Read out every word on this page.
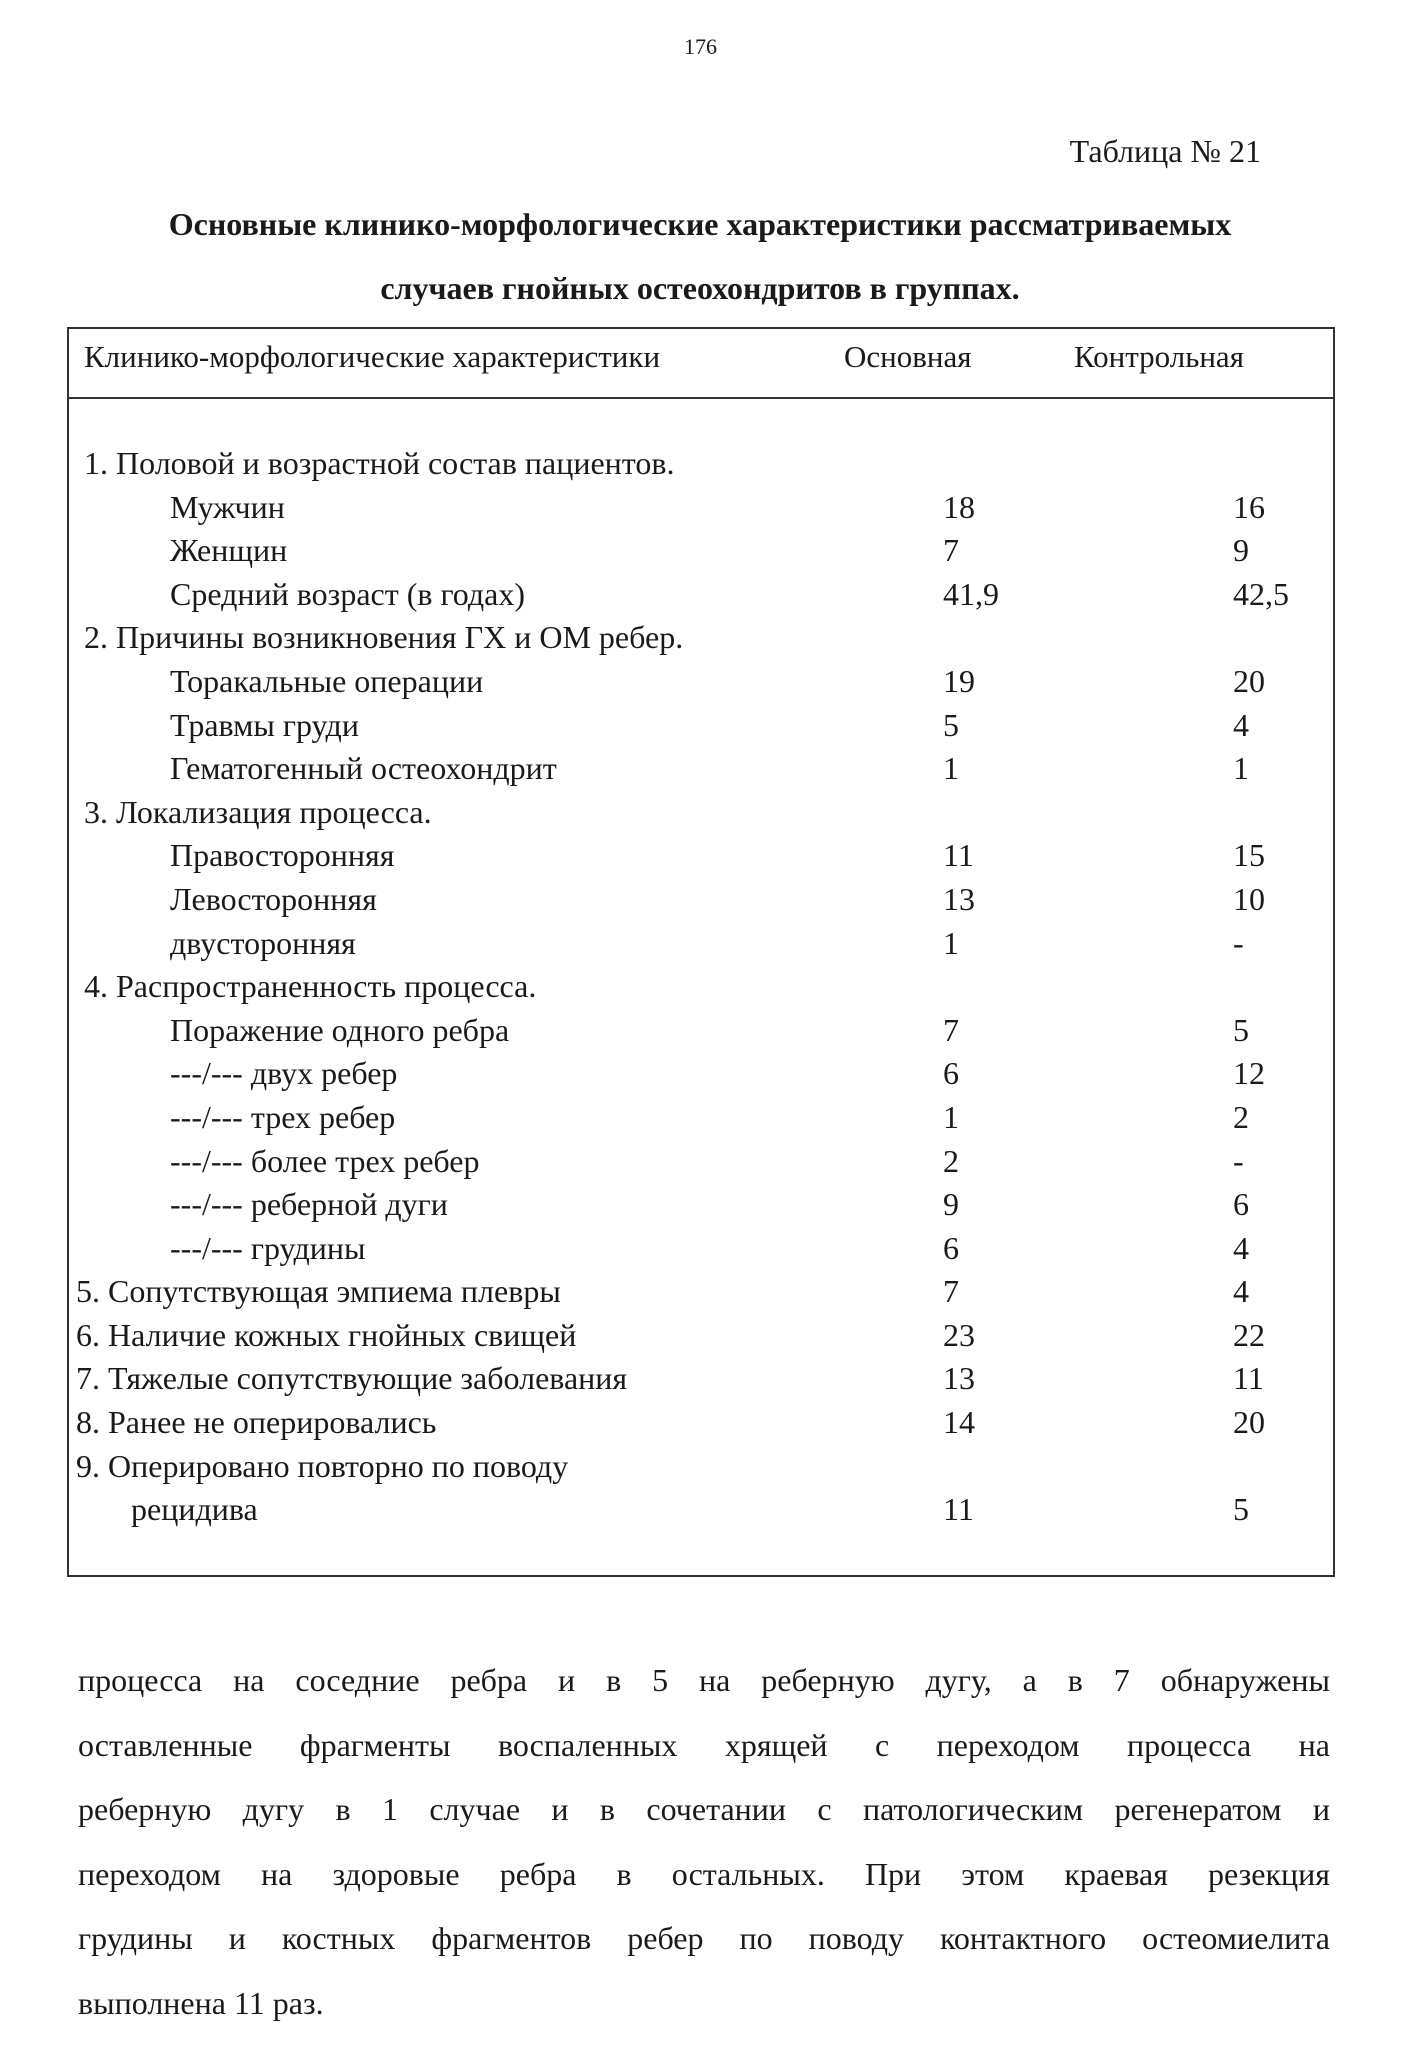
176
Таблица № 21
Основные клинико-морфологические характеристики рассматриваемых
случаев гнойных остеохондритов в группах.
Клинико-морфологические характеристики	Основная	Контрольная
1. Половой и возрастной состав пациентов.
Мужчин	18	16
Женщин	7	9
Средний возраст (в годах)	41,9	42,5
2. Причины возникновения ГХ и ОМ ребер.
Торакальные операции	19	20
Травмы груди	5	4
Гематогенный остеохондрит	1	1
3. Локализация процесса.
Правосторонняя	11	15
Левосторонняя	13	10
двусторонняя	1	-
4. Распространенность процесса.
Поражение одного ребра	7	5
---/--- двух ребер	6	12
---/--- трех ребер	1	2
---/--- более трех ребер	2	-
---/--- реберной дуги	9	6
---/--- грудины	6	4
5. Сопутствующая эмпиема плевры	7	4
6. Наличие кожных гнойных свищей	23	22
7. Тяжелые сопутствующие заболевания	13	11
8. Ранее не оперировались	14	20
9. Оперировано повторно по поводу
рецидива	11	5
процесса на соседние ребра и в 5 на реберную дугу, а в 7 обнаружены
оставленные фрагменты воспаленных хрящей с переходом процесса на
реберную дугу в 1 случае и в сочетании с патологическим регенератом и
переходом на здоровые ребра в остальных. При этом краевая резекция
грудины и костных фрагментов ребер по поводу контактного остеомиелита
выполнена 11 раз.
